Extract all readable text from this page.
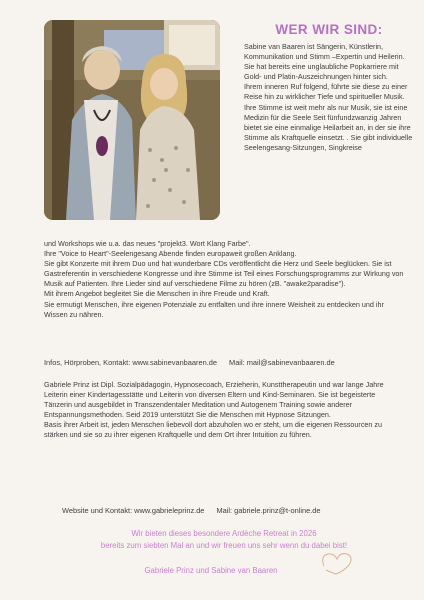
WER WIR SIND:

Sabine van Baaren ist Sängerin, Künstlerin, Kommunikation und Stimm –Expertin und Heilerin. Sie hat bereits eine unglaubliche Popkarriere mit Gold- und Platin-Auszeichnungen hinter sich.

Ihrem inneren Ruf folgend, führte sie diese zu einer Reise hin zu wirklicher Tiefe und spiritueller Musik. Ihre Stimme ist weit mehr als nur Musik, sie ist eine Medizin für die Seele Seit fünfundzwanzig Jahren bietet sie eine einmalige Heilarbeit an, in der sie ihre Stimme als Kraftquelle einsetzt. . Sie gibt individuelle Seelengesang-Sitzungen, Singkreise

und Workshops wie u.a. das neues "projekt3. Wort Klang Farbe".

Ihre "Voice to Heart"-Seelengesang Abende finden europaweit großen Anklang.

Sie gibt Konzerte mit ihrem Duo und hat wunderbare CDs veröffentlicht die Herz und Seele beglücken. Sie ist Gastreferentin in verschiedene Kongresse und ihre Stimme ist Teil eines Forschungsprogramms zur Wirkung von Musik auf Patienten. Ihre Lieder sind auf verschiedene Filme zu hören (zB. "awake2paradise").

Mit ihrem Angebot begleitet Sie die Menschen in ihre Freude und Kraft.

Sie ermutigt Menschen, ihre eigenen Potenziale zu entfalten und ihre innere Weisheit zu entdecken und ihr Wissen zu nähren.

Infos, Hörproben, Kontakt: www.sabinevanbaaren.de Mail: mail@sabinevanbaaren.de

Gabriele Prinz ist Dipl. Sozialpädagogin, Hypnosecoach, Erzieherin, Kunsttherapeutin und war lange Jahre Leiterin einer Kindertagesstätte und Leiterin von diversen Eltern und Kind-Seminaren. Sie ist begeisterte Tänzerin und ausgebildet in Transzendentaler Meditation und Autogenem Training sowie anderer Entspannungsmethoden. Seid 2019 unterstützt Sie die Menschen mit Hypnose Sitzungen.

Basis ihrer Arbeit ist, jeden Menschen liebevoll dort abzuholen wo er steht, um die eigenen Ressourcen zu stärken und sie so zu ihrer eigenen Kraftquelle und dem Ort ihrer Intuition zu führen.

Website und Kontakt: www.gabrieleprinz.de Mail: gabriele.prinz@t-online.de
Wir bieten dieses besondere Ardèche Retreat in 2026
bereits zum siebten Mal an und wir freuen uns sehr wenn du dabei bist!
Gabriele Prinz und Sabine van Baaren
